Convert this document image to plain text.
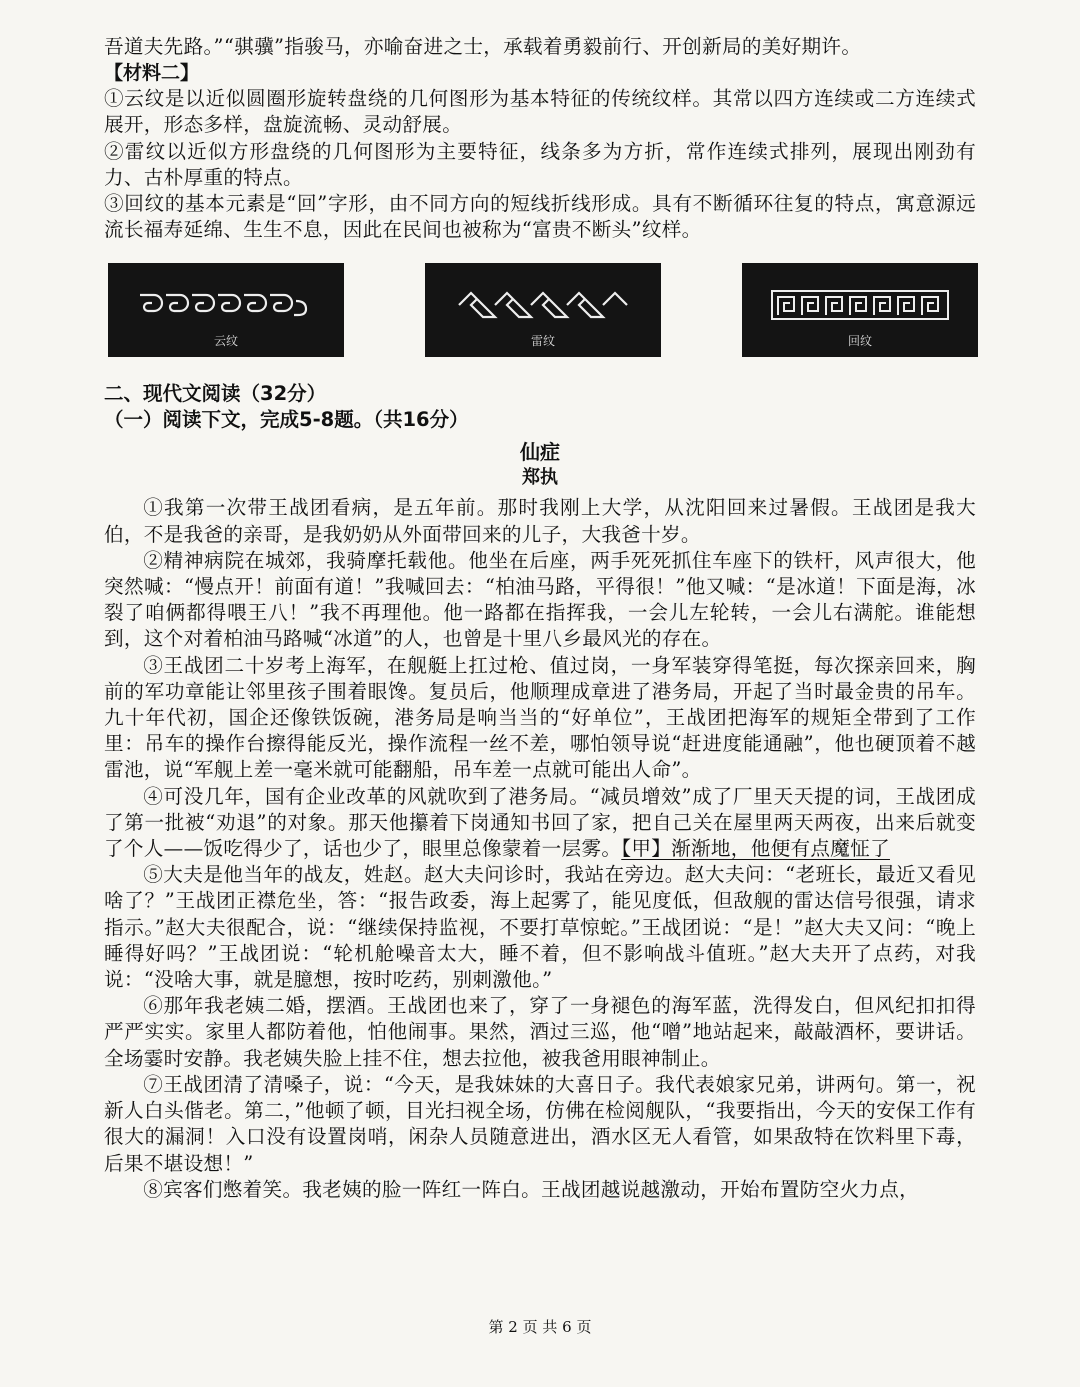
吾道夫先路。”“骐骥”指骏马，亦喻奋进之士，承载着勇毅前行、开创新局的美好期许。

【材料二】

①云纹是以近似圆圈形旋转盘绕的几何图形为基本特征的传统纹样。其常以四方连续或二方连续式展开，形态多样，盘旋流畅、灵动舒展。

②雷纹以近似方形盘绕的几何图形为主要特征，线条多为方折，常作连续式排列，展现出刚劲有力、古朴厚重的特点。

③回纹的基本元素是“回”字形，由不同方向的短线折线形成。具有不断循环往复的特点，寓意源远流长福寿延绵、生生不息，因此在民间也被称为“富贵不断头”纹样。

云纹	雷纹	回纹

二、现代文阅读（32分）

（一）阅读下文，完成5-8题。（共16分）

仙症

郑执

①我第一次带王战团看病，是五年前。那时我刚上大学，从沈阳回来过暑假。王战团是我大伯，不是我爸的亲哥，是我奶奶从外面带回来的儿子，大我爸十岁。

②精神病院在城郊，我骑摩托载他。他坐在后座，两手死死抓住车座下的铁杆，风声很大，他突然喊：“慢点开！前面有道！”我喊回去：“柏油马路，平得很！”他又喊：“是冰道！下面是海，冰裂了咱俩都得喂王八！”我不再理他。他一路都在指挥我，一会儿左轮转，一会儿右满舵。谁能想到，这个对着柏油马路喊“冰道”的人，也曾是十里八乡最风光的存在。

③王战团二十岁考上海军，在舰艇上扛过枪、值过岗，一身军装穿得笔挺，每次探亲回来，胸前的军功章能让邻里孩子围着眼馋。复员后，他顺理成章进了港务局，开起了当时最金贵的吊车。九十年代初，国企还像铁饭碗，港务局是响当当的“好单位”，王战团把海军的规矩全带到了工作里：吊车的操作台擦得能反光，操作流程一丝不差，哪怕领导说“赶进度能通融”，他也硬顶着不越雷池，说“军舰上差一毫米就可能翻船，吊车差一点就可能出人命”。

④可没几年，国有企业改革的风就吹到了港务局。“减员增效”成了厂里天天提的词，王战团成了第一批被“劝退”的对象。那天他攥着下岗通知书回了家，把自己关在屋里两天两夜，出来后就变了个人——饭吃得少了，话也少了，眼里总像蒙着一层雾。【甲】渐渐地，他便有点魔怔了

⑤大夫是他当年的战友，姓赵。赵大夫问诊时，我站在旁边。赵大夫问：“老班长，最近又看见啥了？”王战团正襟危坐，答：“报告政委，海上起雾了，能见度低，但敌舰的雷达信号很强，请求指示。”赵大夫很配合，说：“继续保持监视，不要打草惊蛇。”王战团说：“是！”赵大夫又问：“晚上睡得好吗？”王战团说：“轮机舱噪音太大，睡不着，但不影响战斗值班。”赵大夫开了点药，对我说：“没啥大事，就是臆想，按时吃药，别刺激他。”

⑥那年我老姨二婚，摆酒。王战团也来了，穿了一身褪色的海军蓝，洗得发白，但风纪扣扣得严严实实。家里人都防着他，怕他闹事。果然，酒过三巡，他“噌”地站起来，敲敲酒杯，要讲话。全场霎时安静。我老姨失脸上挂不住，想去拉他，被我爸用眼神制止。

⑦王战团清了清嗓子，说：“今天，是我妹妹的大喜日子。我代表娘家兄弟，讲两句。第一，祝新人白头偕老。第二，”他顿了顿，目光扫视全场，仿佛在检阅舰队，“我要指出，今天的安保工作有很大的漏洞！入口没有设置岗哨，闲杂人员随意进出，酒水区无人看管，如果敌特在饮料里下毒，后果不堪设想！”

⑧宾客们憋着笑。我老姨的脸一阵红一阵白。王战团越说越激动，开始布置防空火力点，

第 2 页 共 6 页
